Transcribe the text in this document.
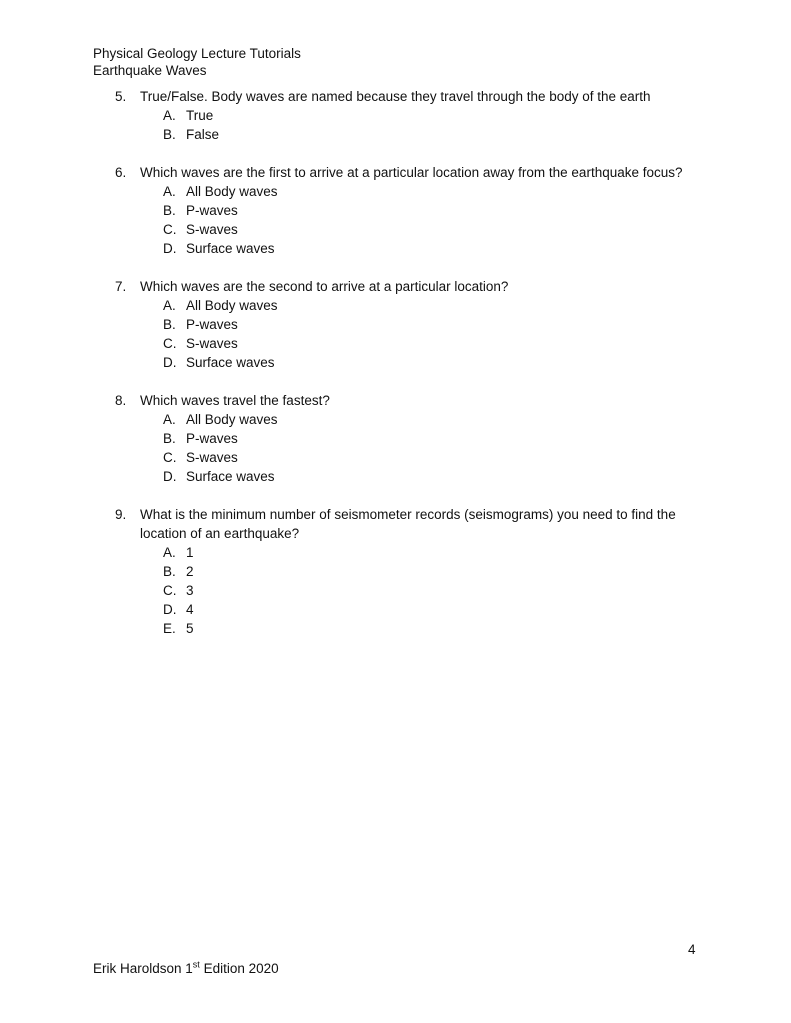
Physical Geology Lecture Tutorials
Earthquake Waves
5.	True/False. Body waves are named because they travel through the body of the earth
A. True
B. False
6.	Which waves are the first to arrive at a particular location away from the earthquake focus?
A. All Body waves
B. P-waves
C. S-waves
D. Surface waves
7.	Which waves are the second to arrive at a particular location?
A. All Body waves
B. P-waves
C. S-waves
D. Surface waves
8.	Which waves travel the fastest?
A. All Body waves
B. P-waves
C. S-waves
D. Surface waves
9.	What is the minimum number of seismometer records (seismograms) you need to find the location of an earthquake?
A. 1
B. 2
C. 3
D. 4
E. 5
4
Erik Haroldson 1st Edition 2020
